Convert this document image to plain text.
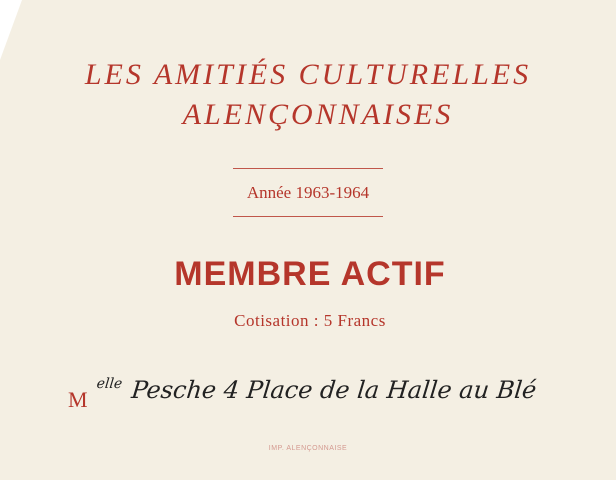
LES AMITIÉS CULTURELLES
ALENÇONNAISES
Année 1963-1964
MEMBRE ACTIF
Cotisation : 5 Francs
M
$^{elle}$ Pesche 4 Place de la Halle au Blé
IMP. ALENÇONNAISE
